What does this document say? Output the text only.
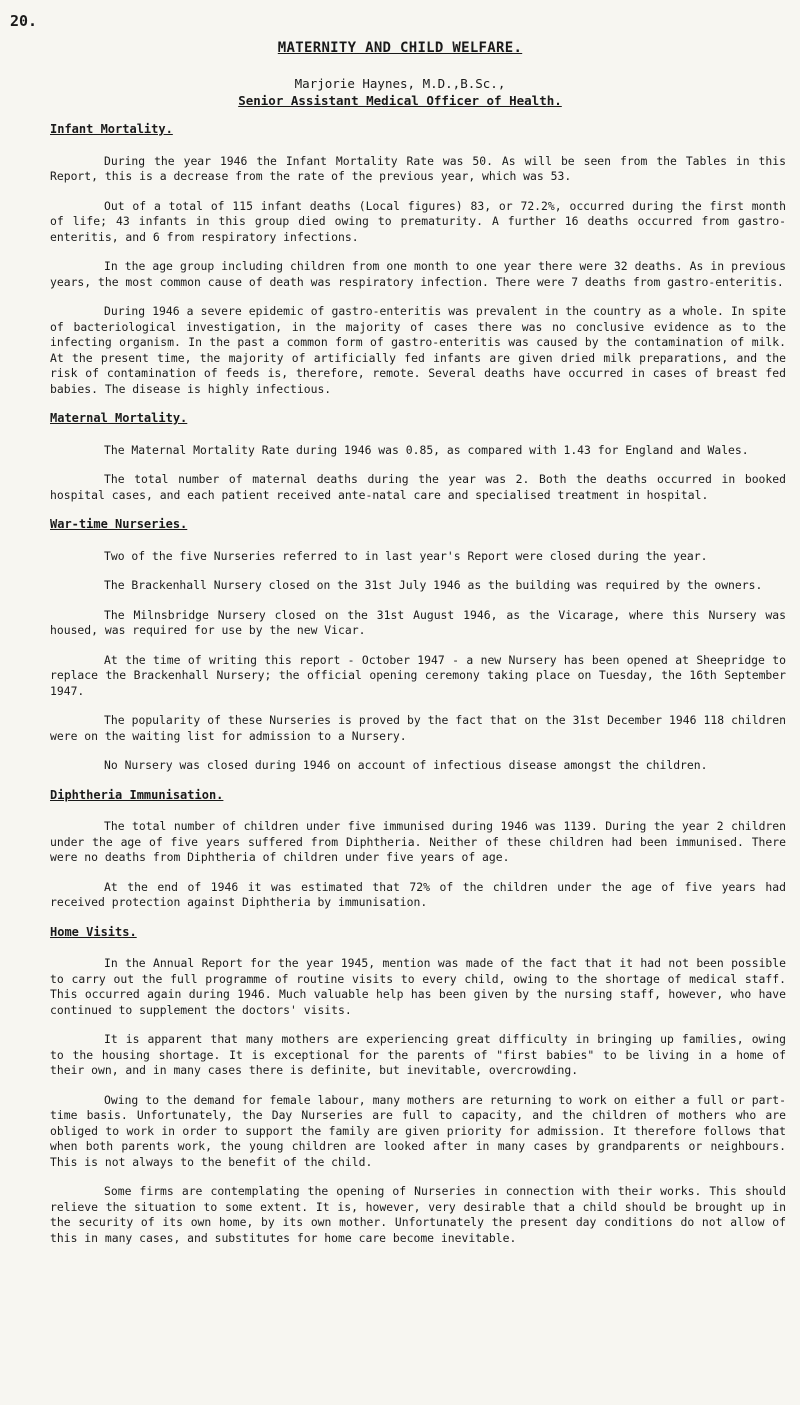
20.
MATERNITY AND CHILD WELFARE.
Marjorie Haynes, M.D.,B.Sc.,
Senior Assistant Medical Officer of Health.
Infant Mortality.

During the year 1946 the Infant Mortality Rate was 50. As will be seen from the Tables in this Report, this is a decrease from the rate of the previous year, which was 53.

Out of a total of 115 infant deaths (Local figures) 83, or 72.2%, occurred during the first month of life; 43 infants in this group died owing to prematurity. A further 16 deaths occurred from gastro-enteritis, and 6 from respiratory infections.

In the age group including children from one month to one year there were 32 deaths. As in previous years, the most common cause of death was respiratory infection. There were 7 deaths from gastro-enteritis.

During 1946 a severe epidemic of gastro-enteritis was prevalent in the country as a whole. In spite of bacteriological investigation, in the majority of cases there was no conclusive evidence as to the infecting organism. In the past a common form of gastro-enteritis was caused by the contamination of milk. At the present time, the majority of artificially fed infants are given dried milk preparations, and the risk of contamination of feeds is, therefore, remote. Several deaths have occurred in cases of breast fed babies. The disease is highly infectious.

Maternal Mortality.

The Maternal Mortality Rate during 1946 was 0.85, as compared with 1.43 for England and Wales.

The total number of maternal deaths during the year was 2. Both the deaths occurred in booked hospital cases, and each patient received ante-natal care and specialised treatment in hospital.

War-time Nurseries.

Two of the five Nurseries referred to in last year's Report were closed during the year.

The Brackenhall Nursery closed on the 31st July 1946 as the building was required by the owners.

The Milnsbridge Nursery closed on the 31st August 1946, as the Vicarage, where this Nursery was housed, was required for use by the new Vicar.

At the time of writing this report - October 1947 - a new Nursery has been opened at Sheepridge to replace the Brackenhall Nursery; the official opening ceremony taking place on Tuesday, the 16th September 1947.

The popularity of these Nurseries is proved by the fact that on the 31st December 1946 118 children were on the waiting list for admission to a Nursery.

No Nursery was closed during 1946 on account of infectious disease amongst the children.

Diphtheria Immunisation.

The total number of children under five immunised during 1946 was 1139. During the year 2 children under the age of five years suffered from Diphtheria. Neither of these children had been immunised. There were no deaths from Diphtheria of children under five years of age.

At the end of 1946 it was estimated that 72% of the children under the age of five years had received protection against Diphtheria by immunisation.

Home Visits.

In the Annual Report for the year 1945, mention was made of the fact that it had not been possible to carry out the full programme of routine visits to every child, owing to the shortage of medical staff. This occurred again during 1946. Much valuable help has been given by the nursing staff, however, who have continued to supplement the doctors' visits.

It is apparent that many mothers are experiencing great difficulty in bringing up families, owing to the housing shortage. It is exceptional for the parents of "first babies" to be living in a home of their own, and in many cases there is definite, but inevitable, overcrowding.

Owing to the demand for female labour, many mothers are returning to work on either a full or part-time basis. Unfortunately, the Day Nurseries are full to capacity, and the children of mothers who are obliged to work in order to support the family are given priority for admission. It therefore follows that when both parents work, the young children are looked after in many cases by grandparents or neighbours. This is not always to the benefit of the child.

Some firms are contemplating the opening of Nurseries in connection with their works. This should relieve the situation to some extent. It is, however, very desirable that a child should be brought up in the security of its own home, by its own mother. Unfortunately the present day conditions do not allow of this in many cases, and substitutes for home care become inevitable.
